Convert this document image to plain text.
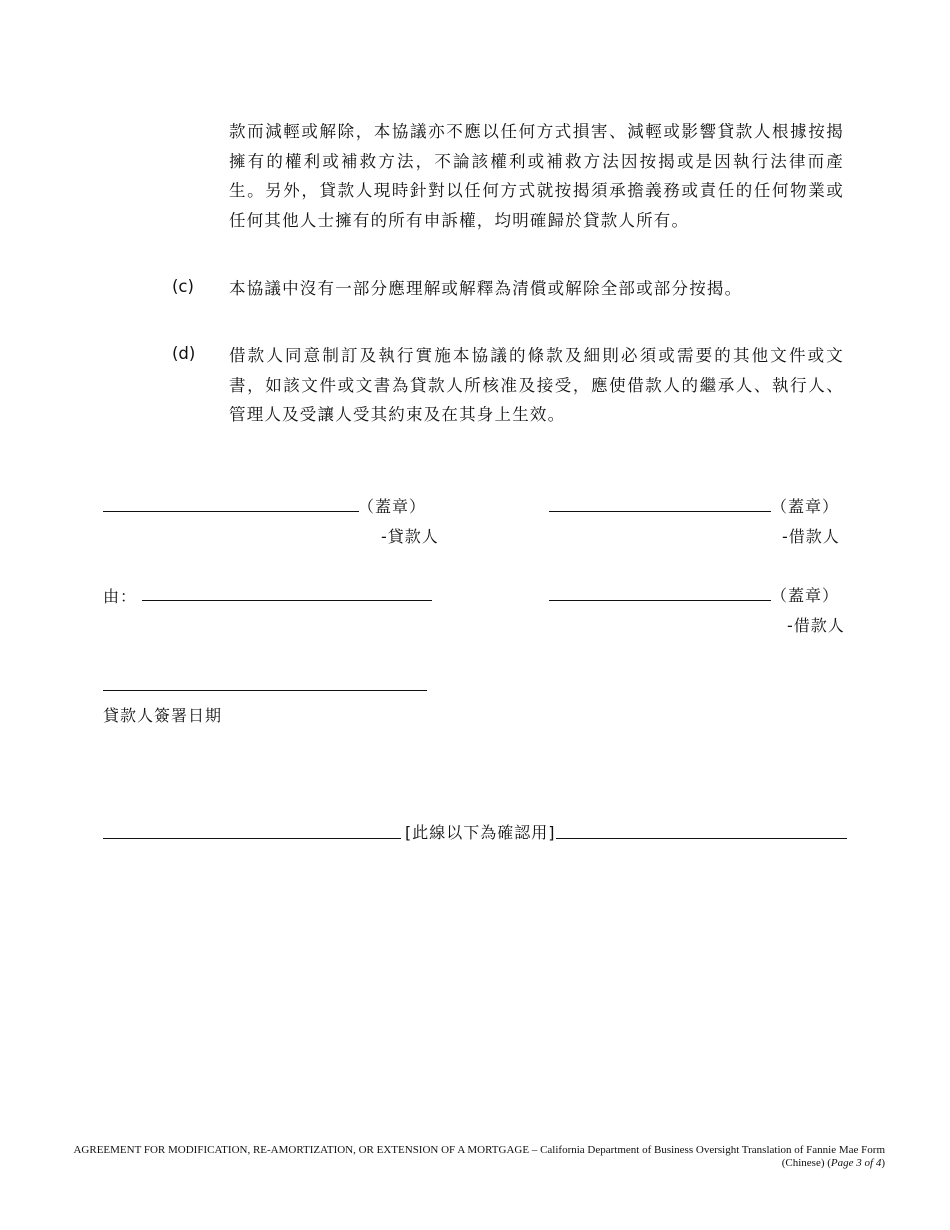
款而減輕或解除，本協議亦不應以任何方式損害、減輕或影響貸款人根據按揭擁有的權利或補救方法，不論該權利或補救方法因按揭或是因執行法律而產生。另外，貸款人現時針對以任何方式就按揭須承擔義務或責任的任何物業或任何其他人士擁有的所有申訴權，均明確歸於貸款人所有。

(c) 本協議中沒有一部分應理解或解釋為清償或解除全部或部分按揭。

(d) 借款人同意制訂及執行實施本協議的條款及細則必須或需要的其他文件或文書，如該文件或文書為貸款人所核准及接受，應使借款人的繼承人、執行人、管理人及受讓人受其約束及在其身上生效。

（蓋章）
-貸款人
（蓋章）
-借款人
由：	（蓋章）
-借款人
貸款人簽署日期
[此線以下為確認用]
AGREEMENT FOR MODIFICATION, RE-AMORTIZATION, OR EXTENSION OF A MORTGAGE – California Department of Business Oversight Translation of Fannie Mae Form
(Chinese) (Page 3 of 4)
